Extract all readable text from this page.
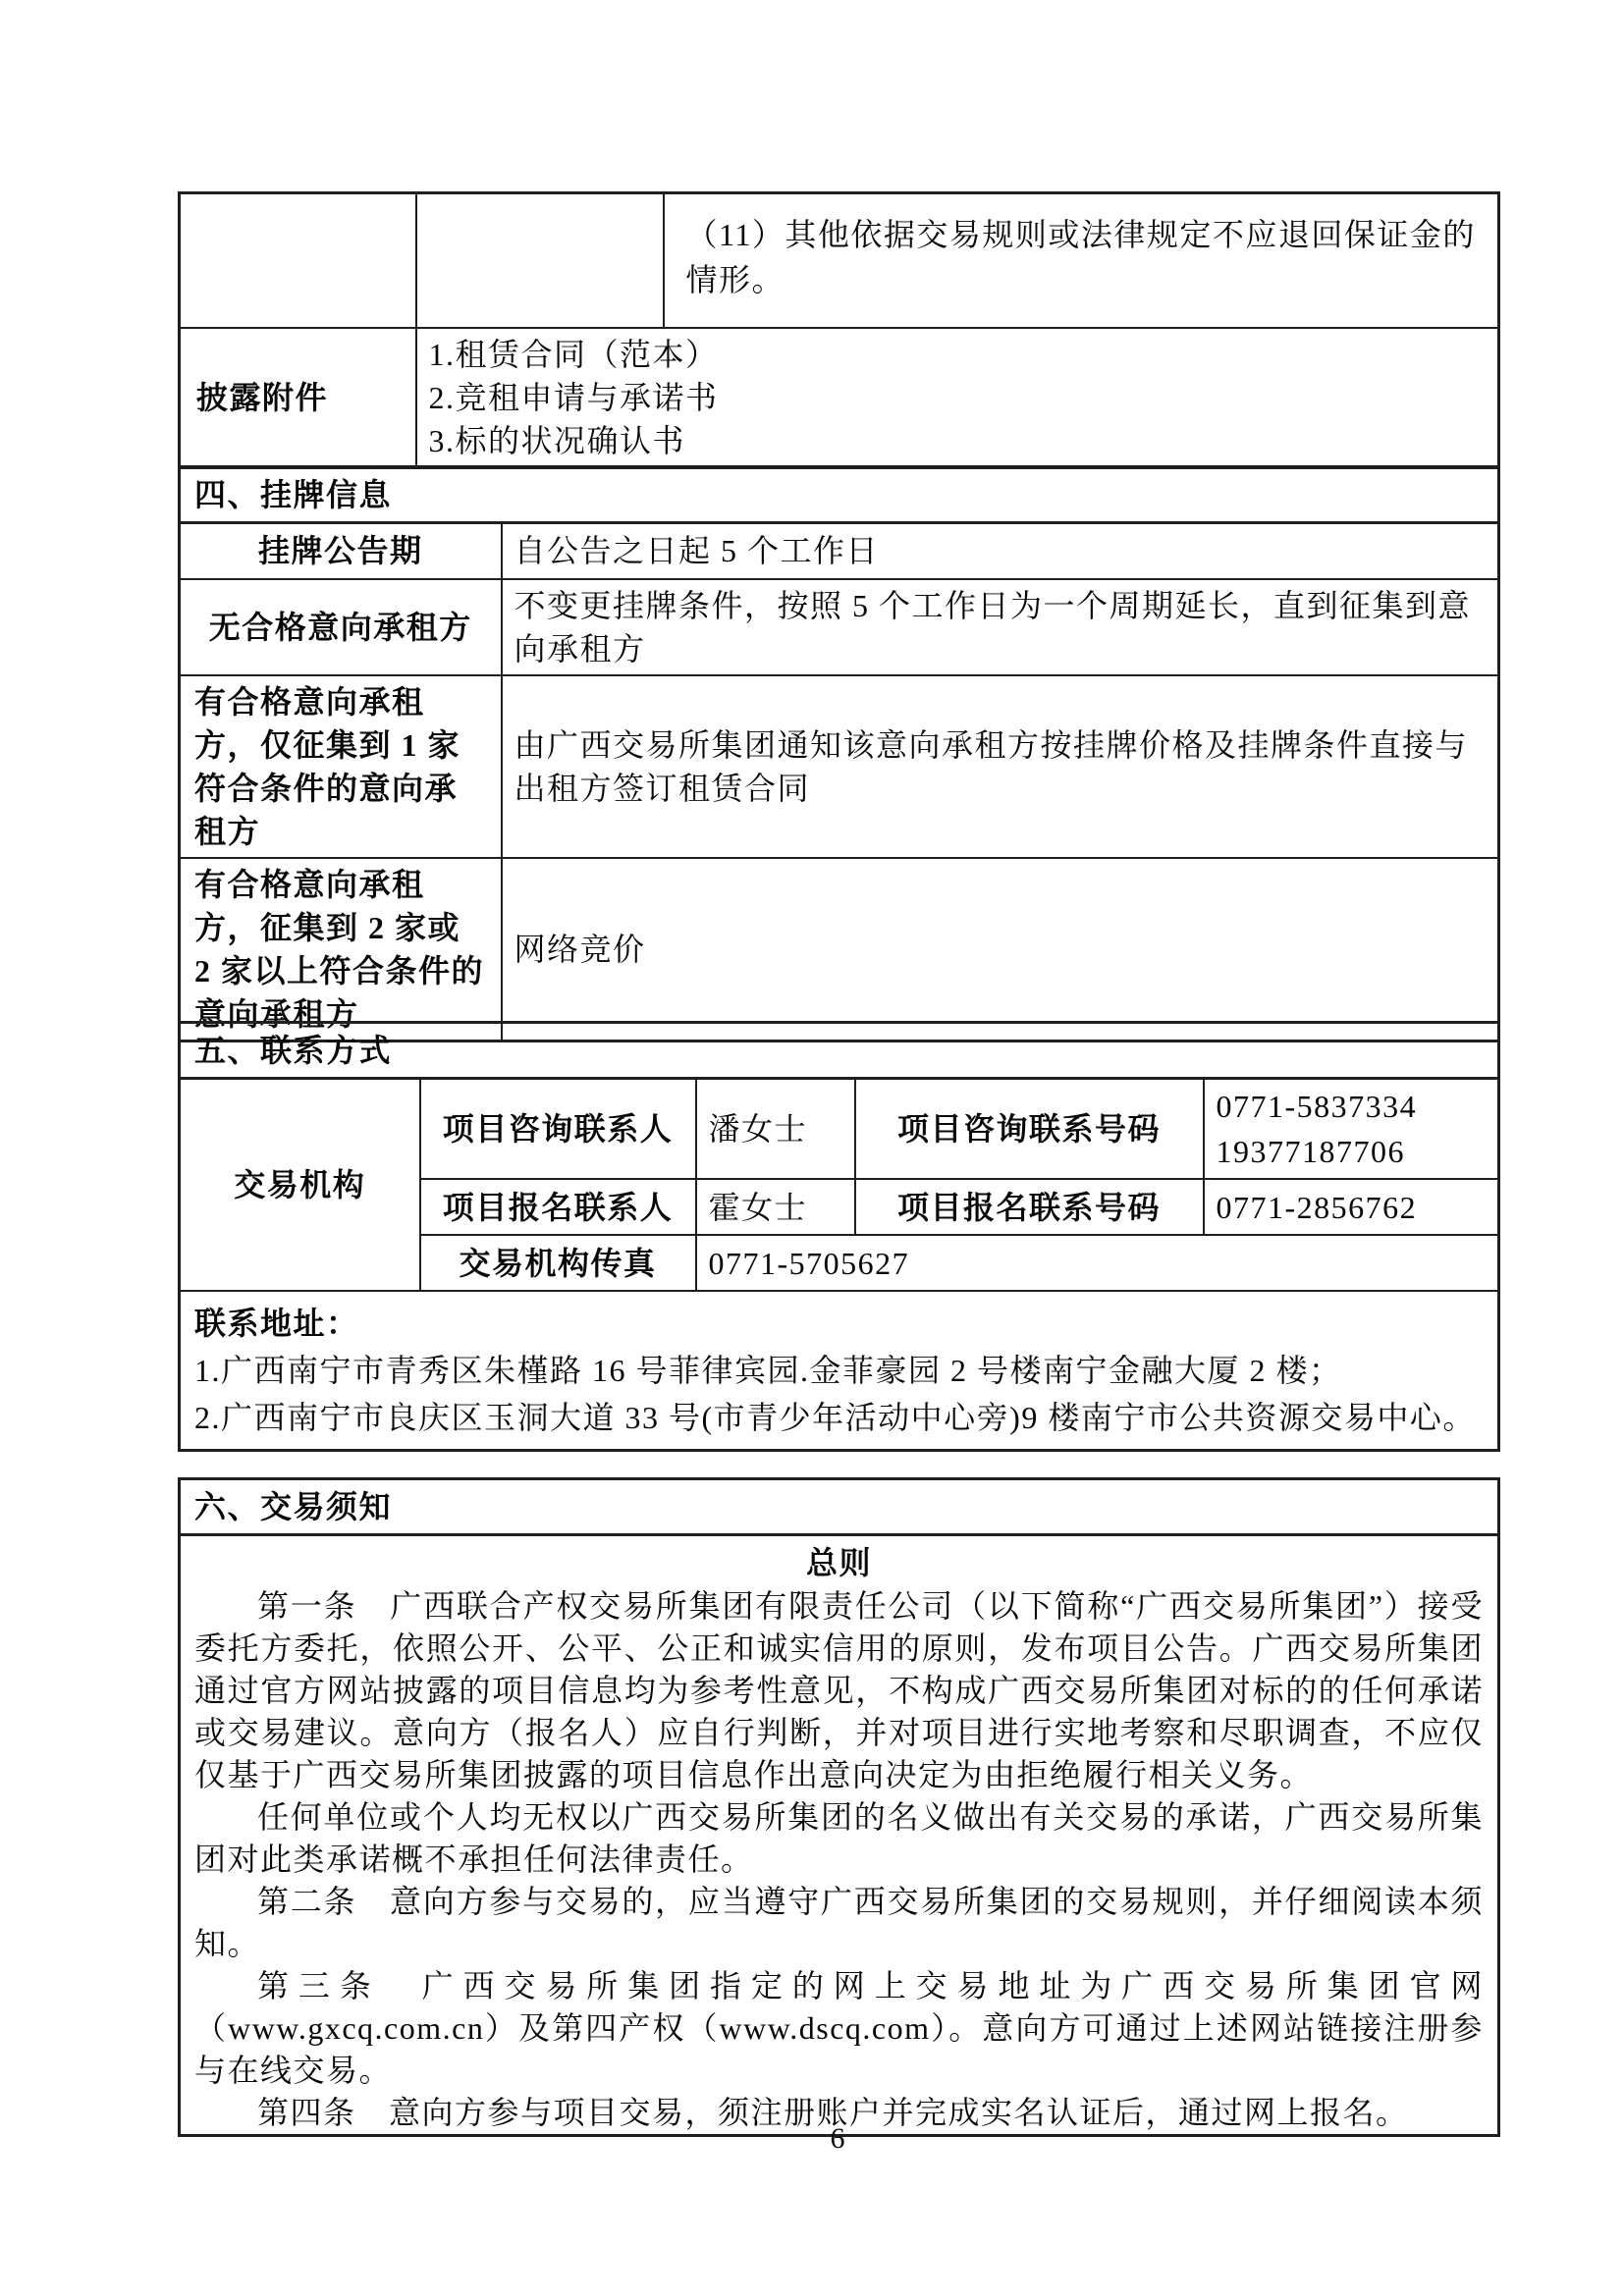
		（11）其他依据交易规则或法律规定不应退回保证金的情形。
披露附件	1.租赁合同（范本）
2.竞租申请与承诺书
3.标的状况确认书	
四、挂牌信息	
挂牌公告期	自公告之日起 5 个工作日
无合格意向承租方	不变更挂牌条件，按照 5 个工作日为一个周期延长，直到征集到意向承租方
有合格意向承租方，仅征集到 1 家符合条件的意向承租方	由广西交易所集团通知该意向承租方按挂牌价格及挂牌条件直接与出租方签订租赁合同
有合格意向承租方，征集到 2 家或 2 家以上符合条件的意向承租方	网络竞价
五、联系方式				
交易机构	项目咨询联系人	潘女士	项目咨询联系号码	0771-5837334
19377187706

	项目报名联系人	霍女士	项目报名联系号码	0771-2856762
	交易机构传真	0771-5705627		

联系地址：
1.广西南宁市青秀区朱槿路 16 号菲律宾园.金菲豪园 2 号楼南宁金融大厦 2 楼；
2.广西南宁市良庆区玉洞大道 33 号(市青少年活动中心旁)9 楼南宁市公共资源交易中心。				
六、交易须知

总则

第一条　广西联合产权交易所集团有限责任公司（以下简称“广西交易所集团”）接受委托方委托，依照公开、公平、公正和诚实信用的原则，发布项目公告。广西交易所集团通过官方网站披露的项目信息均为参考性意见，不构成广西交易所集团对标的的任何承诺或交易建议。意向方（报名人）应自行判断，并对项目进行实地考察和尽职调查，不应仅仅基于广西交易所集团披露的项目信息作出意向决定为由拒绝履行相关义务。

任何单位或个人均无权以广西交易所集团的名义做出有关交易的承诺，广西交易所集团对此类承诺概不承担任何法律责任。

第二条　意向方参与交易的，应当遵守广西交易所集团的交易规则，并仔细阅读本须知。

第三条　广西交易所集团指定的网上交易地址为广西交易所集团官网（www.gxcq.com.cn）及第四产权（www.dscq.com）。意向方可通过上述网站链接注册参与在线交易。

第四条　意向方参与项目交易，须注册账户并完成实名认证后，通过网上报名。

6
